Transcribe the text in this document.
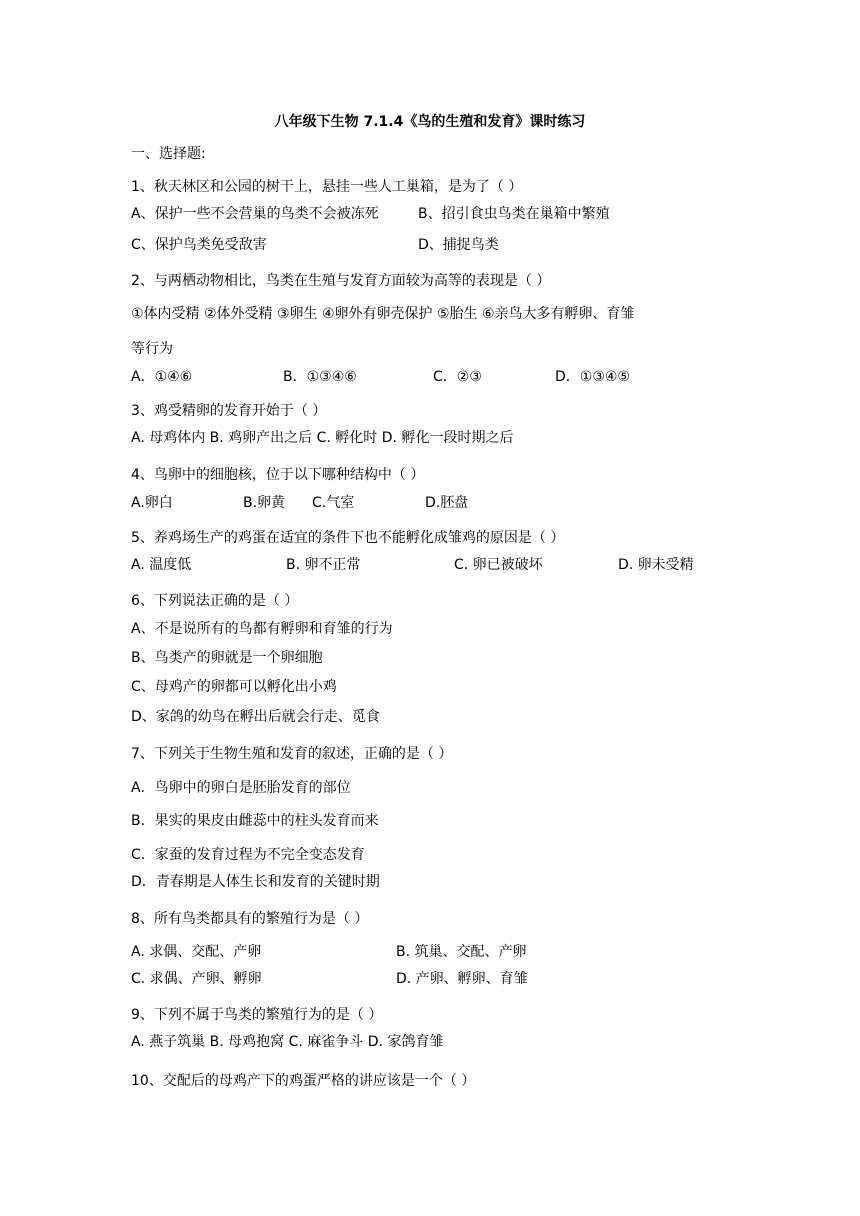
八年级下生物 7.1.4《鸟的生殖和发育》课时练习
一、选择题:
1、秋天林区和公园的树干上，悬挂一些人工巢箱，是为了（ ）
A、保护一些不会营巢的鸟类不会被冻死	B、招引食虫鸟类在巢箱中繁殖
C、保护鸟类免受敌害	D、捕捉鸟类
2、与两栖动物相比，鸟类在生殖与发育方面较为高等的表现是（ ）
①体内受精 ②体外受精 ③卵生 ④卵外有卵壳保护 ⑤胎生 ⑥亲鸟大多有孵卵、育雏
等行为
A．①④⑥	B．①③④⑥	C．②③	D．①③④⑤
3、鸡受精卵的发育开始于（ ）
A. 母鸡体内 B. 鸡卵产出之后 C. 孵化时 D. 孵化一段时期之后
4、鸟卵中的细胞核，位于以下哪种结构中（ ）
A.卵白	B.卵黄 C.气室	D.胚盘
5、养鸡场生产的鸡蛋在适宜的条件下也不能孵化成雏鸡的原因是（ ）
A. 温度低	B. 卵不正常	C. 卵已被破坏	D. 卵未受精
6、下列说法正确的是（ ）
A、不是说所有的鸟都有孵卵和育雏的行为
B、鸟类产的卵就是一个卵细胞
C、母鸡产的卵都可以孵化出小鸡
D、家鸽的幼鸟在孵出后就会行走、觅食
7、下列关于生物生殖和发育的叙述，正确的是（ ）
A．鸟卵中的卵白是胚胎发育的部位
B．果实的果皮由雌蕊中的柱头发育而来
C．家蚕的发育过程为不完全变态发育
D．青春期是人体生长和发育的关键时期
8、所有鸟类都具有的繁殖行为是（ ）
A. 求偶、交配、产卵	B. 筑巢、交配、产卵
C. 求偶、产卵、孵卵	D. 产卵、孵卵、育雏
9、下列不属于鸟类的繁殖行为的是（ ）
A. 燕子筑巢 B. 母鸡抱窝 C. 麻雀争斗 D. 家鸽育雏
10、交配后的母鸡产下的鸡蛋严格的讲应该是一个（ ）
